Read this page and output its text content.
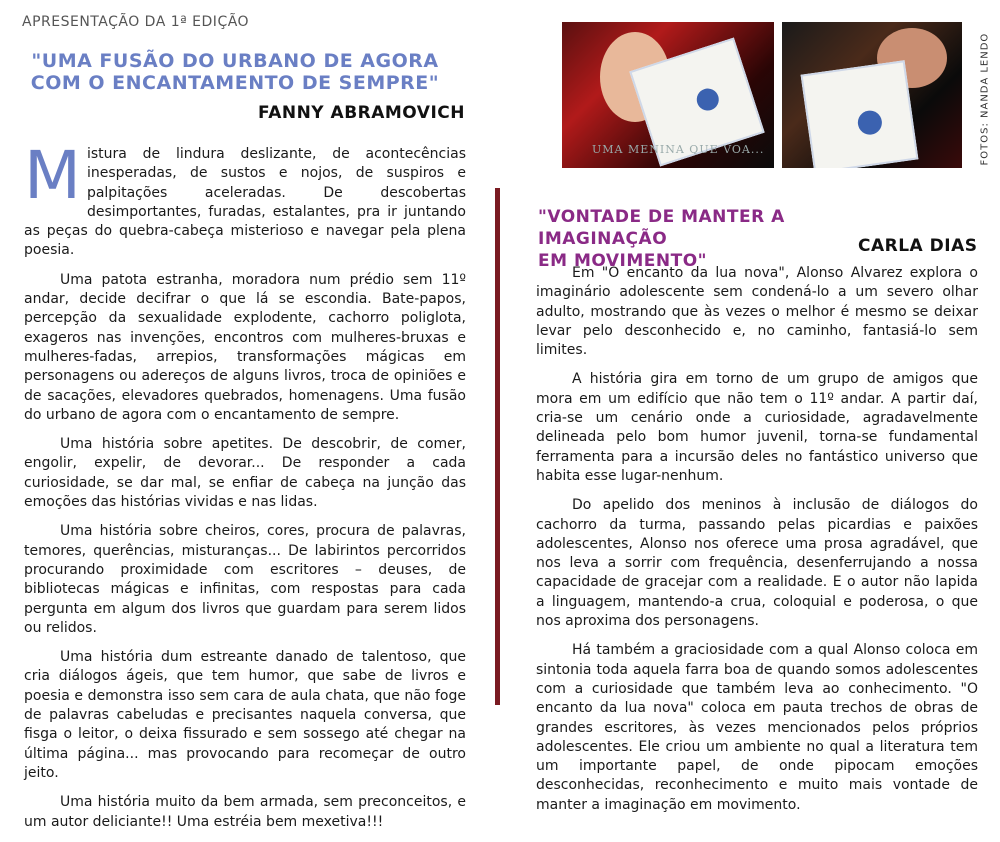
APRESENTAÇÃO DA 1ª EDIÇÃO
"UMA FUSÃO DO URBANO DE AGORA
COM O ENCANTAMENTO DE SEMPRE"
FANNY ABRAMOVICH

Mistura de lindura deslizante, de acontecências inesperadas, de sustos e nojos, de suspiros e palpitações aceleradas. De descobertas desimportantes, furadas, estalantes, pra ir juntando as peças do quebra-cabeça misterioso e navegar pela plena poesia.

Uma patota estranha, moradora num prédio sem 11º andar, decide decifrar o que lá se escondia. Bate-papos, percepção da sexualidade explodente, cachorro poliglota, exageros nas invenções, encontros com mulheres-bruxas e mulheres-fadas, arrepios, transformações mágicas em personagens ou adereços de alguns livros, troca de opiniões e de sacações, elevadores quebrados, homenagens. Uma fusão do urbano de agora com o encantamento de sempre.

Uma história sobre apetites. De descobrir, de comer, engolir, expelir, de devorar... De responder a cada curiosidade, se dar mal, se enfiar de cabeça na junção das emoções das histórias vividas e nas lidas.

Uma história sobre cheiros, cores, procura de palavras, temores, querências, misturanças... De labirintos percorridos procurando proximidade com escritores – deuses, de bibliotecas mágicas e infinitas, com respostas para cada pergunta em algum dos livros que guardam para serem lidos ou relidos.

Uma história dum estreante danado de talentoso, que cria diálogos ágeis, que tem humor, que sabe de livros e poesia e demonstra isso sem cara de aula chata, que não foge de palavras cabeludas e precisantes naquela conversa, que fisga o leitor, o deixa fissurado e sem sossego até chegar na última página... mas provocando para recomeçar de outro jeito.

Uma história muito da bem armada, sem preconceitos, e um autor deliciante!! Uma estréia bem mexetiva!!!

UMA MENINA QUE VOA...	FOTOS: NANDA LENDO
"VONTADE DE MANTER A IMAGINAÇÃO
EM MOVIMENTO"
CARLA DIAS

Em "O encanto da lua nova", Alonso Alvarez explora o imaginário adolescente sem condená-lo a um severo olhar adulto, mostrando que às vezes o melhor é mesmo se deixar levar pelo desconhecido e, no caminho, fantasiá-lo sem limites.

A história gira em torno de um grupo de amigos que mora em um edifício que não tem o 11º andar. A partir daí, cria-se um cenário onde a curiosidade, agradavelmente delineada pelo bom humor juvenil, torna-se fundamental ferramenta para a incursão deles no fantástico universo que habita esse lugar-nenhum.

Do apelido dos meninos à inclusão de diálogos do cachorro da turma, passando pelas picardias e paixões adolescentes, Alonso nos oferece uma prosa agradável, que nos leva a sorrir com frequência, desenferrujando a nossa capacidade de gracejar com a realidade. E o autor não lapida a linguagem, mantendo-a crua, coloquial e poderosa, o que nos aproxima dos personagens.

Há também a graciosidade com a qual Alonso coloca em sintonia toda aquela farra boa de quando somos adolescentes com a curiosidade que também leva ao conhecimento. "O encanto da lua nova" coloca em pauta trechos de obras de grandes escritores, às vezes mencionados pelos próprios adolescentes. Ele criou um ambiente no qual a literatura tem um importante papel, de onde pipocam emoções desconhecidas, reconhecimento e muito mais vontade de manter a imaginação em movimento.
